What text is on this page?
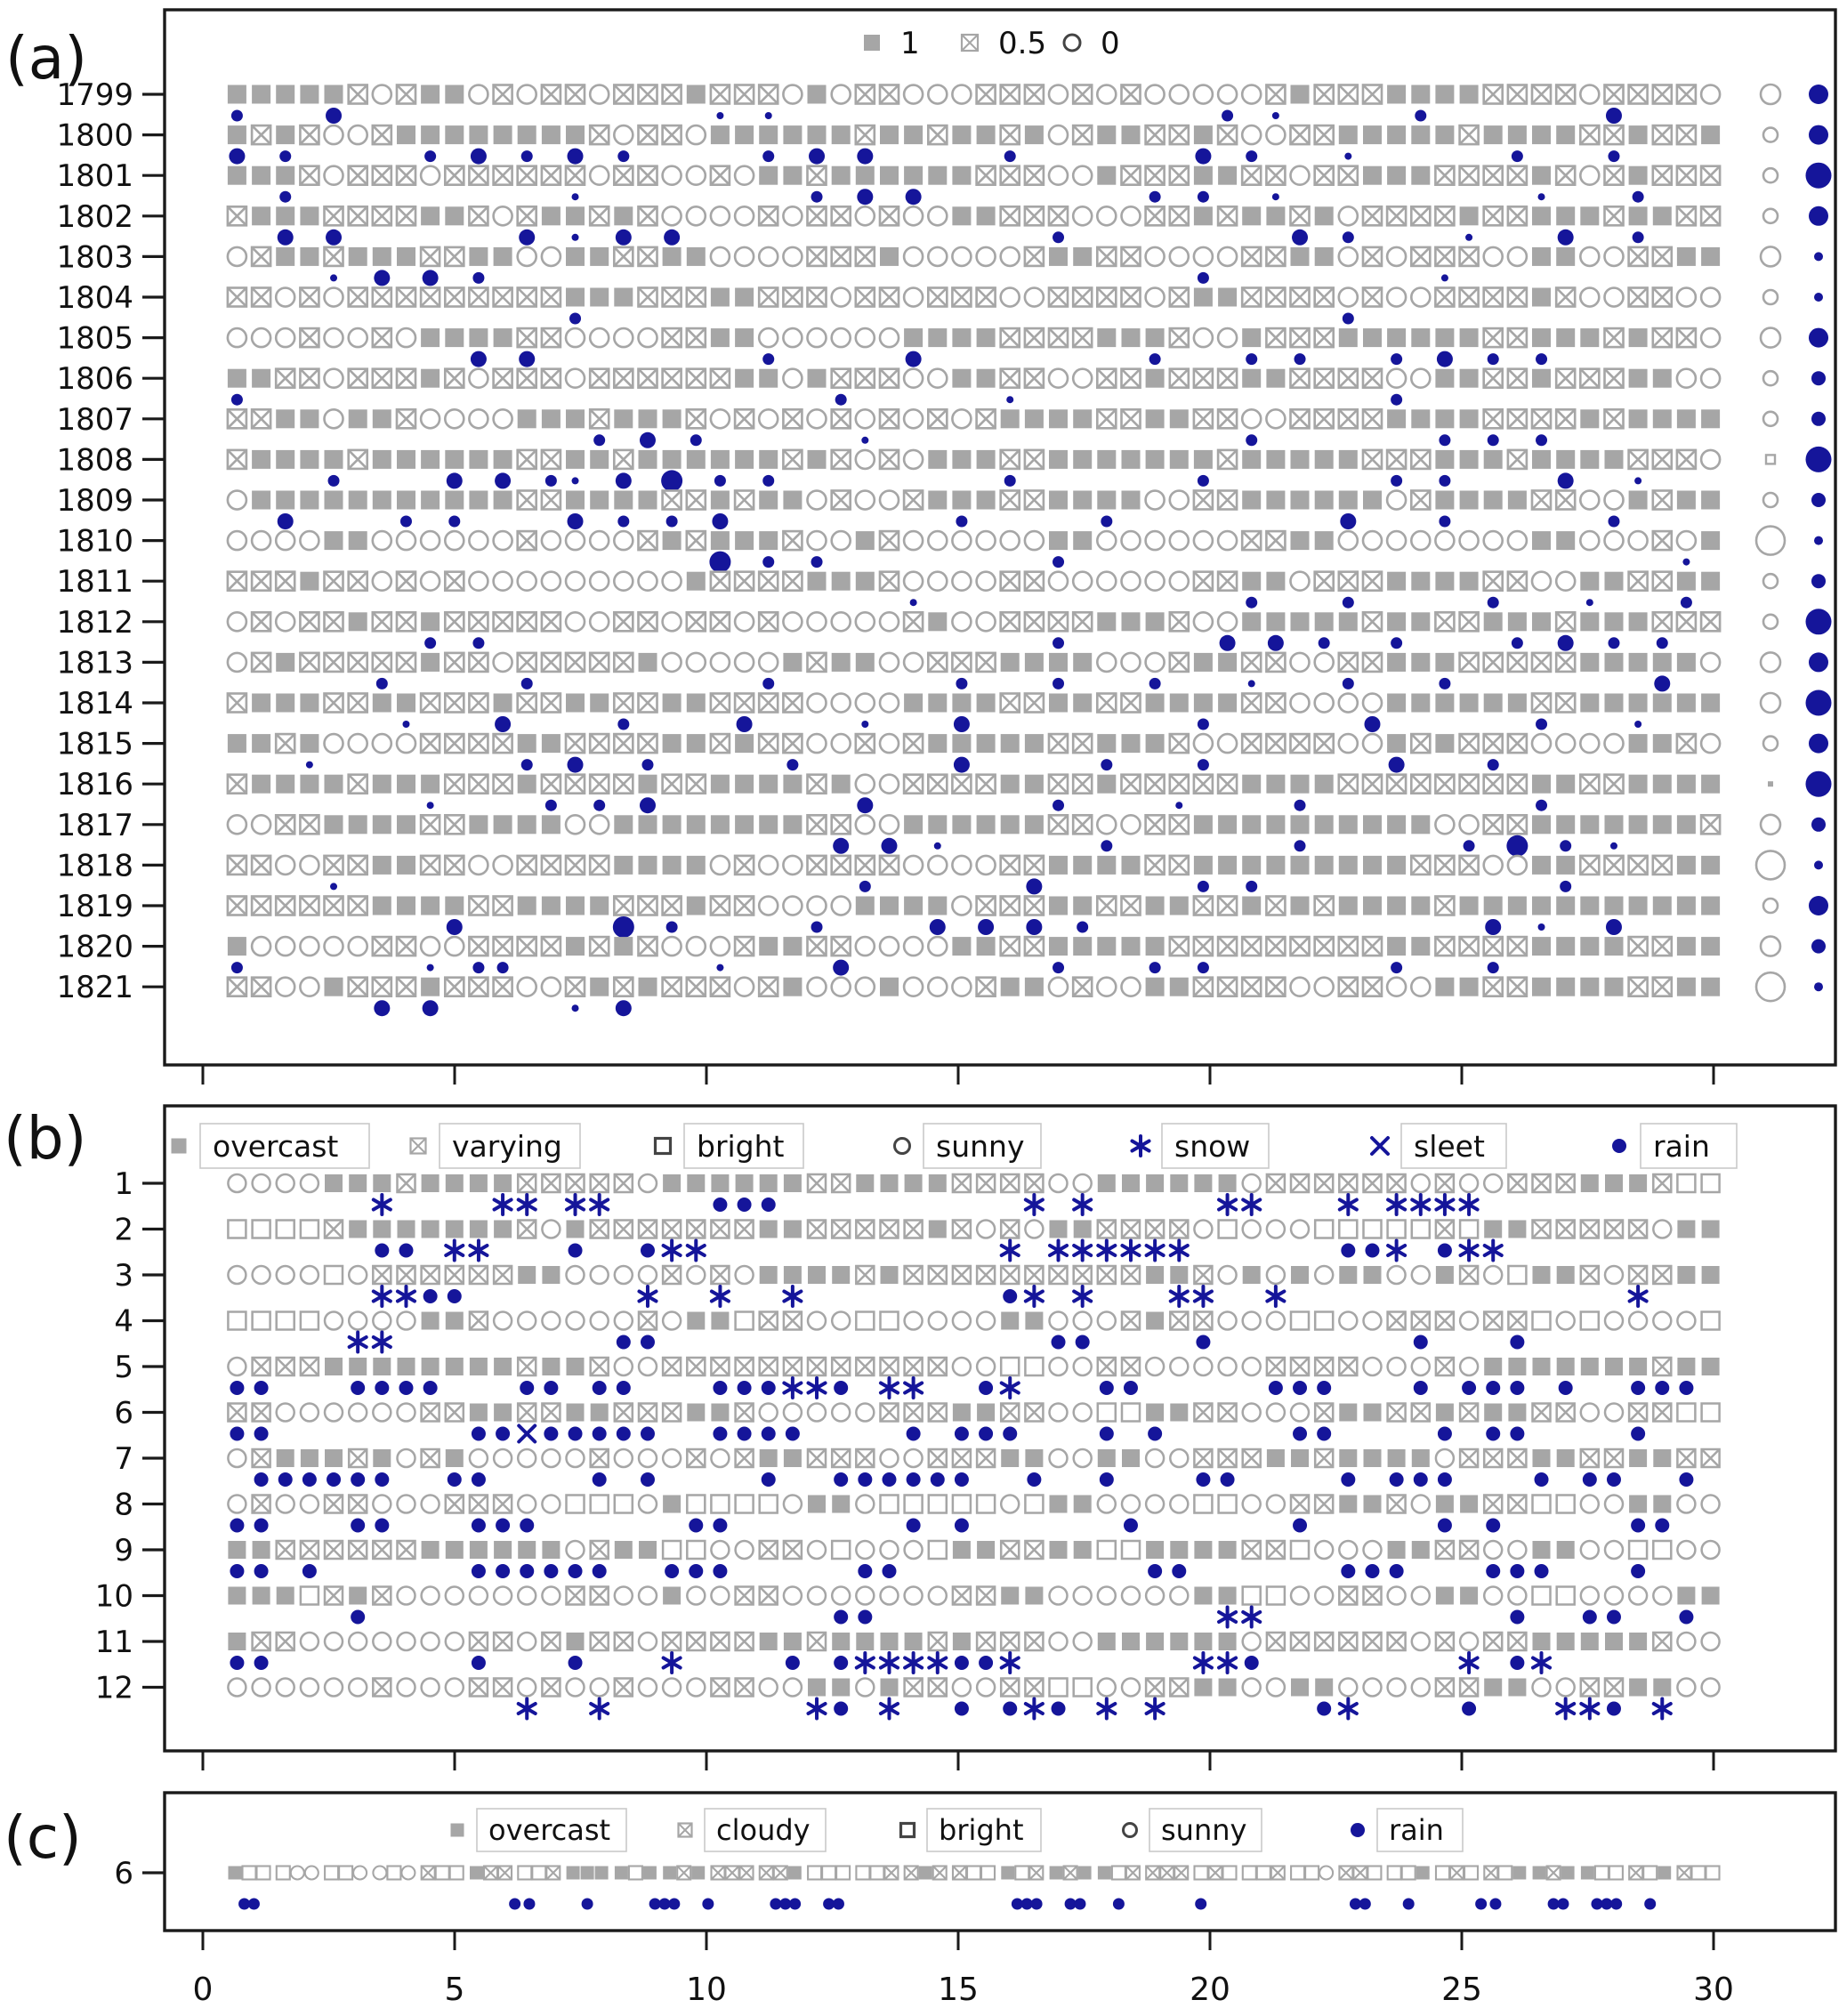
0	5	10	15	20	25	30
(a)
(b)
(c)
1	0.5 0
1799
1800
1801
1802
1803
1804
1805
1806
1807
1808
1809
1810
1811
1812
1813
1814
1815
1816
1817
1818
1819
1820
1821
overcast	varying	bright	sunny	snow	sleet	rain
1
2
3
4
5
6
7
8
9
10
11
12
overcast	cloudy	bright	sunny	rain
6
